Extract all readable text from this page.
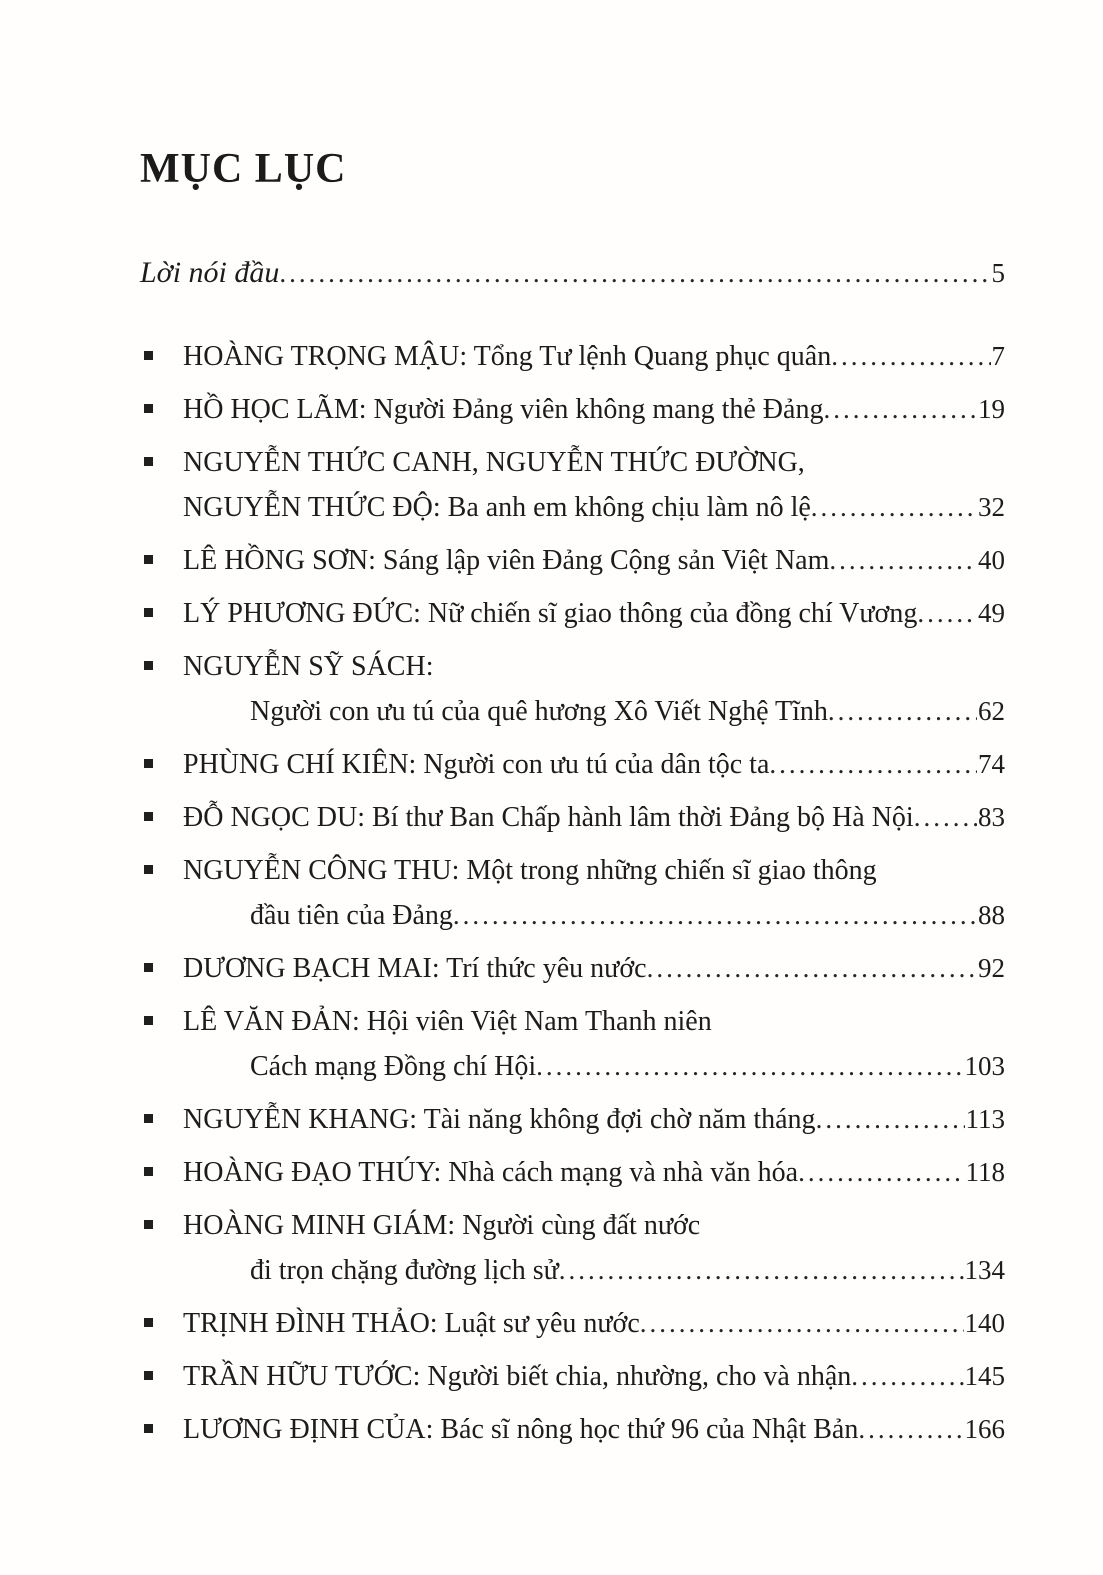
MỤC LỤC
Lời nói đầu .....	5
HOÀNG TRỌNG MẬU: Tổng Tư lệnh Quang phục quân .....	7
HỒ HỌC LÃM: Người Đảng viên không mang thẻ Đảng .....	19
NGUYỄN THỨC CANH, NGUYỄN THỨC ĐƯỜNG,
NGUYỄN THỨC ĐỘ: Ba anh em không chịu làm nô lệ .....	32
LÊ HỒNG SƠN: Sáng lập viên Đảng Cộng sản Việt Nam .....	40
LÝ PHƯƠNG ĐỨC: Nữ chiến sĩ giao thông của đồng chí Vương ..... 49
NGUYỄN SỸ SÁCH:
Người con ưu tú của quê hương Xô Viết Nghệ Tĩnh .....	62
PHÙNG CHÍ KIÊN: Người con ưu tú của dân tộc ta .....	74
ĐỖ NGỌC DU: Bí thư Ban Chấp hành lâm thời Đảng bộ Hà Nội ..... 83
NGUYỄN CÔNG THU: Một trong những chiến sĩ giao thông
đầu tiên của Đảng .....	88
DƯƠNG BẠCH MAI: Trí thức yêu nước .....	92
LÊ VĂN ĐẢN: Hội viên Việt Nam Thanh niên
Cách mạng Đồng chí Hội .....	103
NGUYỄN KHANG: Tài năng không đợi chờ năm tháng .....	113
HOÀNG ĐẠO THÚY: Nhà cách mạng và nhà văn hóa .....	118
HOÀNG MINH GIÁM: Người cùng đất nước
đi trọn chặng đường lịch sử .....	134
TRỊNH ĐÌNH THẢO: Luật sư yêu nước .....	140
TRẦN HỮU TƯỚC: Người biết chia, nhường, cho và nhận .....	145
LƯƠNG ĐỊNH CỦA: Bác sĩ nông học thứ 96 của Nhật Bản .....	166
